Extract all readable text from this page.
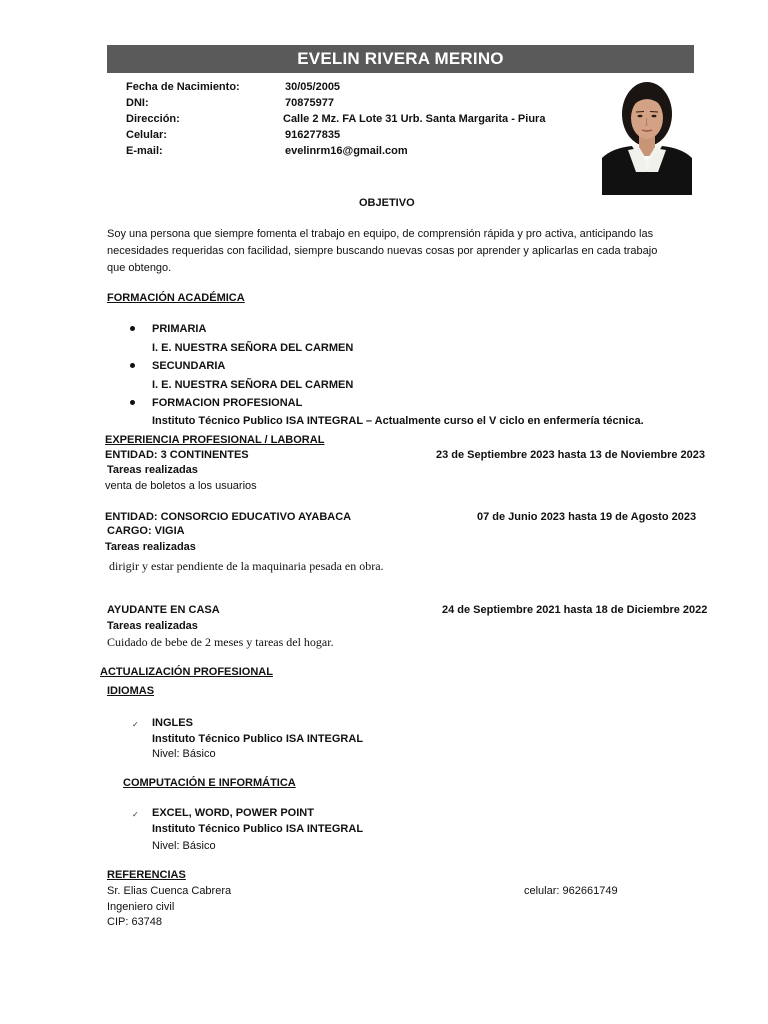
EVELIN RIVERA MERINO
Fecha de Nacimiento:	30/05/2005
DNI:	70875977
Dirección:	Calle 2 Mz. FA Lote 31 Urb. Santa Margarita - Piura
Celular:	916277835
E-mail:	evelinrm16@gmail.com
OBJETIVO
Soy una persona que siempre fomenta el trabajo en equipo, de comprensión rápida y pro activa, anticipando las necesidades requeridas con facilidad, siempre buscando nuevas cosas por aprender y aplicarlas en cada trabajo que obtengo.
FORMACIÓN ACADÉMICA
PRIMARIA
I. E. NUESTRA SEÑORA DEL CARMEN
SECUNDARIA
I. E. NUESTRA SEÑORA DEL CARMEN
FORMACION PROFESIONAL
Instituto Técnico Publico ISA INTEGRAL – Actualmente curso el V ciclo en enfermería técnica.
EXPERIENCIA PROFESIONAL / LABORAL
ENTIDAD: 3 CONTINENTES	23 de Septiembre 2023 hasta 13 de Noviembre 2023
Tareas realizadas
venta de boletos a los usuarios
ENTIDAD: CONSORCIO EDUCATIVO AYABACA	07 de Junio 2023 hasta 19 de Agosto 2023
CARGO: VIGIA
Tareas realizadas
dirigir y estar pendiente de la maquinaria pesada en obra.
AYUDANTE EN CASA	24 de Septiembre 2021 hasta 18 de Diciembre 2022
Tareas realizadas
Cuidado de bebe de 2 meses y tareas del hogar.
ACTUALIZACIÓN PROFESIONAL
IDIOMAS
✓ INGLES
Instituto Técnico Publico ISA INTEGRAL
Nivel: Básico
COMPUTACIÓN E INFORMÁTICA
✓ EXCEL, WORD, POWER POINT
Instituto Técnico Publico ISA INTEGRAL
Nivel: Básico
REFERENCIAS
Sr. Elias Cuenca Cabrera	celular: 962661749
Ingeniero civil
CIP: 63748
